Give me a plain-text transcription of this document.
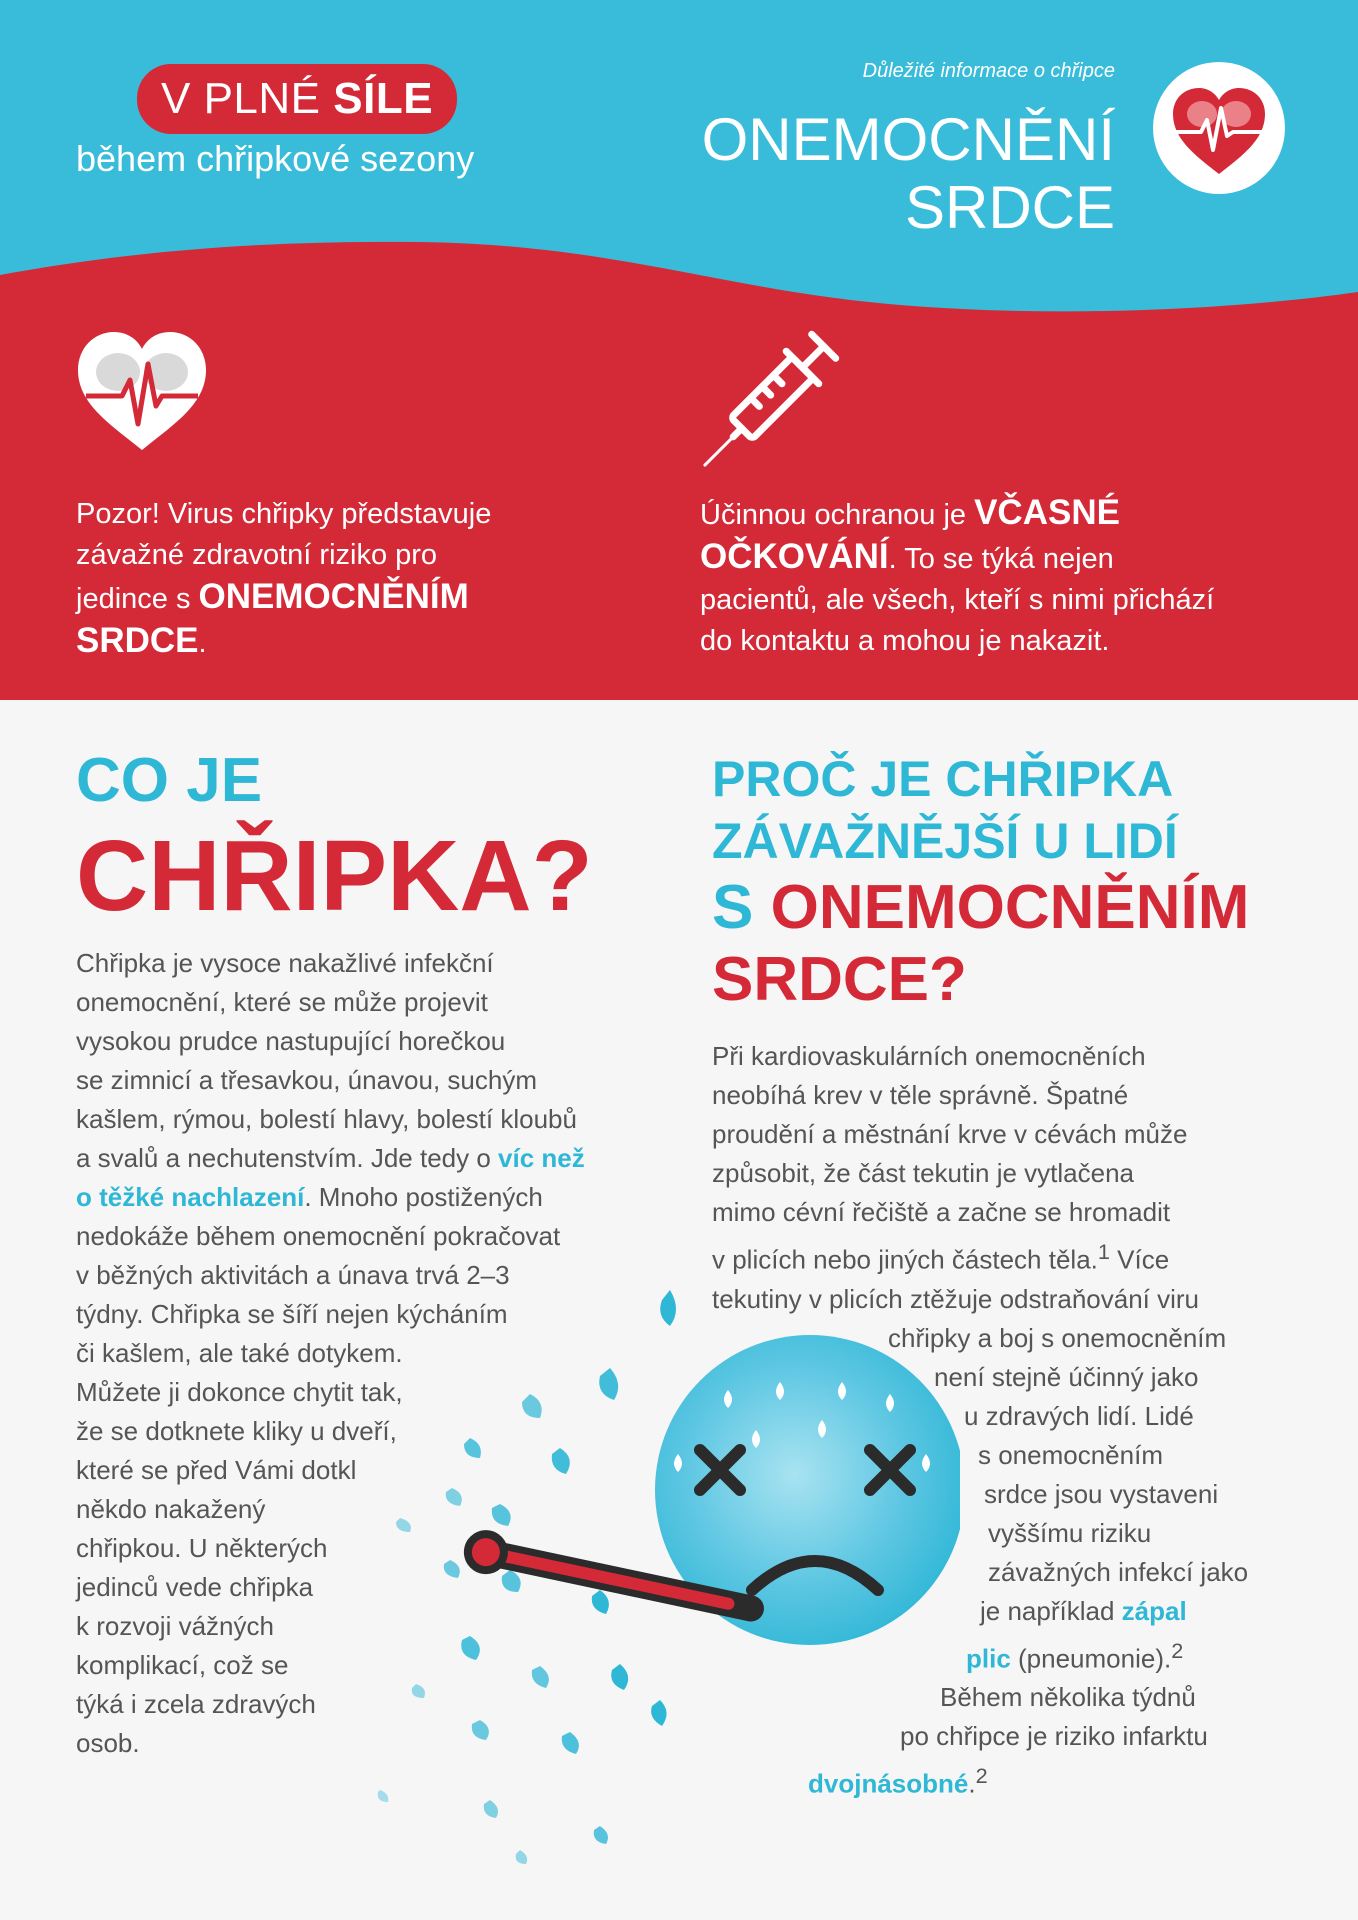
V PLNÉ SÍLE
během chřipkové sezony
Důležité informace o chřipce
ONEMOCNĚNÍ
SRDCE
Pozor! Virus chřipky představuje
závažné zdravotní riziko pro
jedince s ONEMOCNĚNÍM
SRDCE.
Účinnou ochranou je VČASNÉ
OČKOVÁNÍ. To se týká nejen
pacientů, ale všech, kteří s nimi přichází
do kontaktu a mohou je nakazit.
CO JE
CHŘIPKA?
PROČ JE CHŘIPKA
ZÁVAŽNĚJŠÍ U LIDÍ
S ONEMOCNĚNÍM
SRDCE?
Chřipka je vysoce nakažlivé infekční
onemocnění, které se může projevit
vysokou prudce nastupující horečkou
se zimnicí a třesavkou, únavou, suchým
kašlem, rýmou, bolestí hlavy, bolestí kloubů
a svalů a nechutenstvím. Jde tedy o víc než
o těžké nachlazení. Mnoho postižených
nedokáže během onemocnění pokračovat
v běžných aktivitách a únava trvá 2–3
týdny. Chřipka se šíří nejen kýcháním
či kašlem, ale také dotykem.
Můžete ji dokonce chytit tak,
že se dotknete kliky u dveří,
které se před Vámi dotkl
někdo nakažený
chřipkou. U některých
jedinců vede chřipka
k rozvoji vážných
komplikací, což se
týká i zcela zdravých
osob.
Při kardiovaskulárních onemocněních
neobíhá krev v těle správně. Špatné
proudění a městnání krve v cévách může
způsobit, že část tekutin je vytlačena
mimo cévní řečiště a začne se hromadit
v plicích nebo jiných částech těla.$^1$ Více
tekutiny v plicích ztěžuje odstraňování viru
chřipky a boj s onemocněním
není stejně účinný jako
u zdravých lidí. Lidé
s onemocněním
srdce jsou vystaveni
vyššímu riziku
závažných infekcí jako
je například zápal
plic (pneumonie).$^2$
Během několika týdnů
po chřipce je riziko infarktu
dvojnásobné.$^2$
